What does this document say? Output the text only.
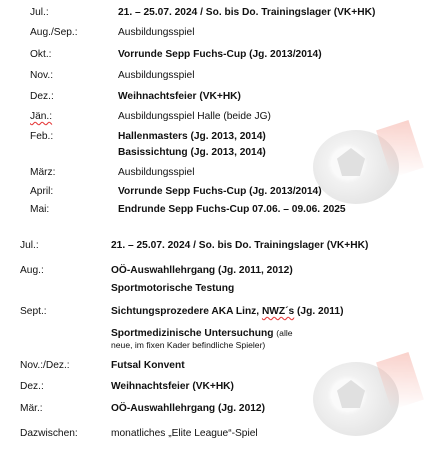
Jul.:	21. – 25.07. 2024 / So. bis Do. Trainingslager (VK+HK)
Aug./Sep.:	Ausbildungsspiel
Okt.:	Vorrunde Sepp Fuchs-Cup (Jg. 2013/2014)
Nov.:	Ausbildungsspiel
Dez.:	Weihnachtsfeier (VK+HK)
Jän.:	Ausbildungsspiel Halle (beide JG)
Feb.:	Hallenmasters (Jg. 2013, 2014)
Basissichtung (Jg. 2013, 2014)
März:	Ausbildungsspiel
April:	Vorrunde Sepp Fuchs-Cup (Jg. 2013/2014)
Mai:	Endrunde Sepp Fuchs-Cup 07.06. – 09.06. 2025
Jul.:	21. – 25.07. 2024 / So. bis Do. Trainingslager (VK+HK)
Aug.:	OÖ-Auswahllehrgang (Jg. 2011, 2012)
Sportmotorische Testung
Sept.:	Sichtungsprozedere AKA Linz, NWZ´s (Jg. 2011)
Sportmedizinische Untersuchung (alle
neue, im fixen Kader befindliche Spieler)
Nov.:/Dez.:	Futsal Konvent
Dez.:	Weihnachtsfeier (VK+HK)
Mär.:	OÖ-Auswahllehrgang (Jg. 2012)
Dazwischen:	monatliches „Elite League“-Spiel
